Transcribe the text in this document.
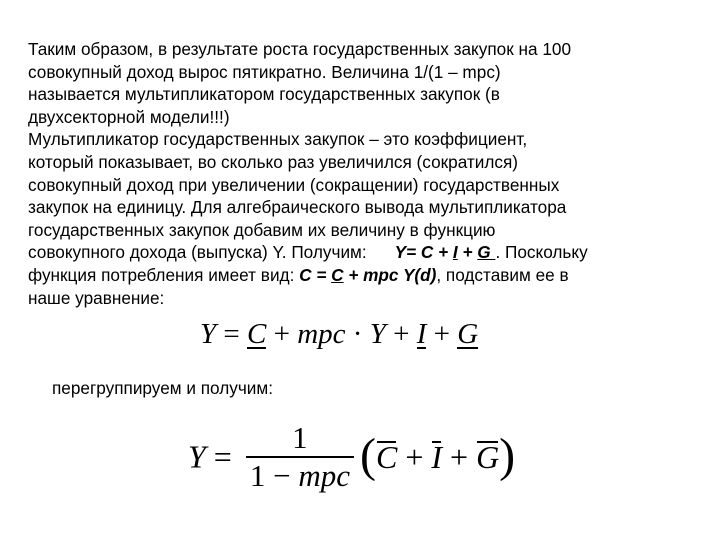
Таким образом, в результате роста государственных закупок на 100
совокупный доход вырос пятикратно. Величина 1/(1 – mpc)
называется мультипликатором государственных закупок (в
двухсекторной модели!!!)
Мультипликатор государственных закупок – это коэффициент,
который показывает, во сколько раз увеличился (сократился)
совокупный доход при увеличении (сокращении) государственных
закупок на единицу. Для алгебраического вывода мультипликатора
государственных закупок добавим их величину в функцию
совокупного дохода (выпуска) Y. Получим: Y= C + I + G . Поскольку
функция потребления имеет вид: C = C + mpc Y(d), подставим ее в
наше уравнение:
Y = C + mpc · Y + I + G
перегруппируем и получим:
$Y = \frac{1}{\text{1 − mpc}} (C + I + G)$
